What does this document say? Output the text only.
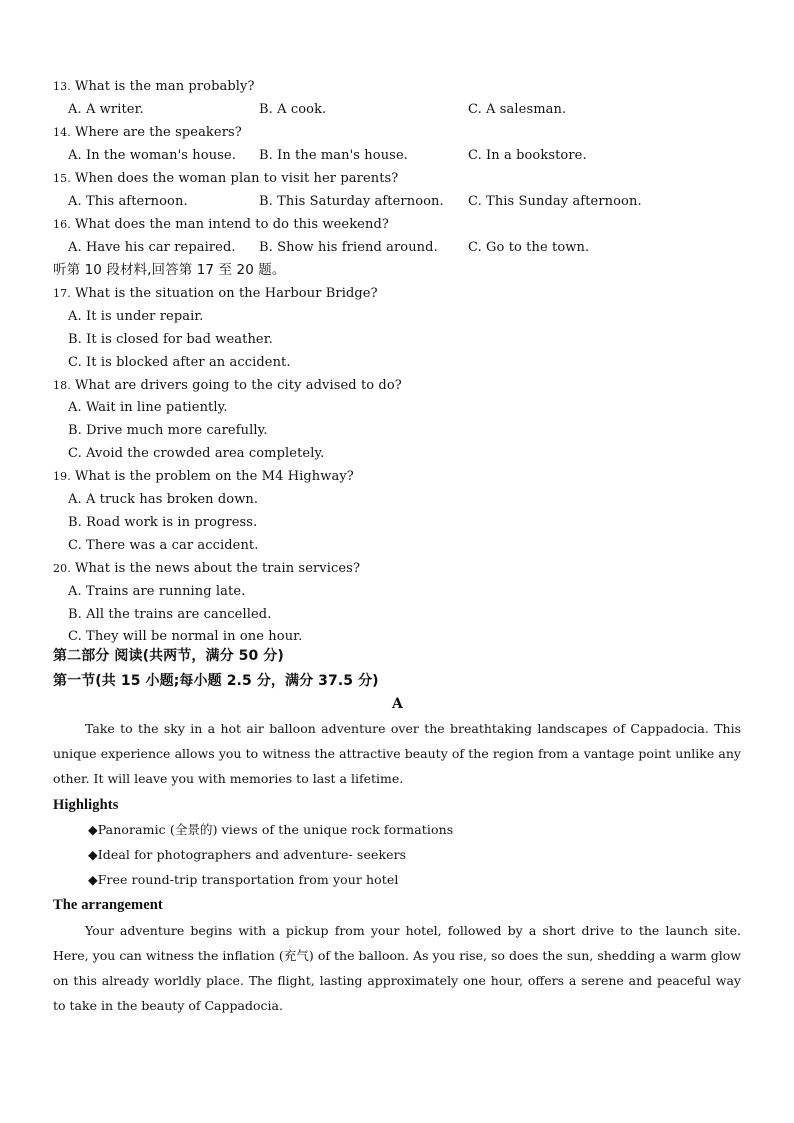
13. What is the man probably?
A. A writer.	B. A cook.	C. A salesman.
14. Where are the speakers?
A. In the woman's house. B. In the man's house.	C. In a bookstore.
15. When does the woman plan to visit her parents?
A. This afternoon.	B. This Saturday afternoon. C. This Sunday afternoon.
16. What does the man intend to do this weekend?
A. Have his car repaired. B. Show his friend around. C. Go to the town.
听第 10 段材料,回答第 17 至 20 题。
17. What is the situation on the Harbour Bridge?
A. It is under repair.
B. It is closed for bad weather.
C. It is blocked after an accident.
18. What are drivers going to the city advised to do?
A. Wait in line patiently.
B. Drive much more carefully.
C. Avoid the crowded area completely.
19. What is the problem on the M4 Highway?
A. A truck has broken down.
B. Road work is in progress.
C. There was a car accident.
20. What is the news about the train services?
A. Trains are running late.
B. All the trains are cancelled.
C. They will be normal in one hour.
第二部分 阅读(共两节，满分 50 分)
第一节(共 15 小题;每小题 2.5 分，满分 37.5 分)
A
Take to the sky in a hot air balloon adventure over the breathtaking landscapes of Cappadocia. This unique experience allows you to witness the attractive beauty of the region from a vantage point unlike any other. It will leave you with memories to last a lifetime.
Highlights
◆Panoramic (全景的) views of the unique rock formations
◆Ideal for photographers and adventure- seekers
◆Free round-trip transportation from your hotel
The arrangement
Your adventure begins with a pickup from your hotel, followed by a short drive to the launch site. Here, you can witness the inflation (充气) of the balloon. As you rise, so does the sun, shedding a warm glow on this already worldly place. The flight, lasting approximately one hour, offers a serene and peaceful way to take in the beauty of Cappadocia.
